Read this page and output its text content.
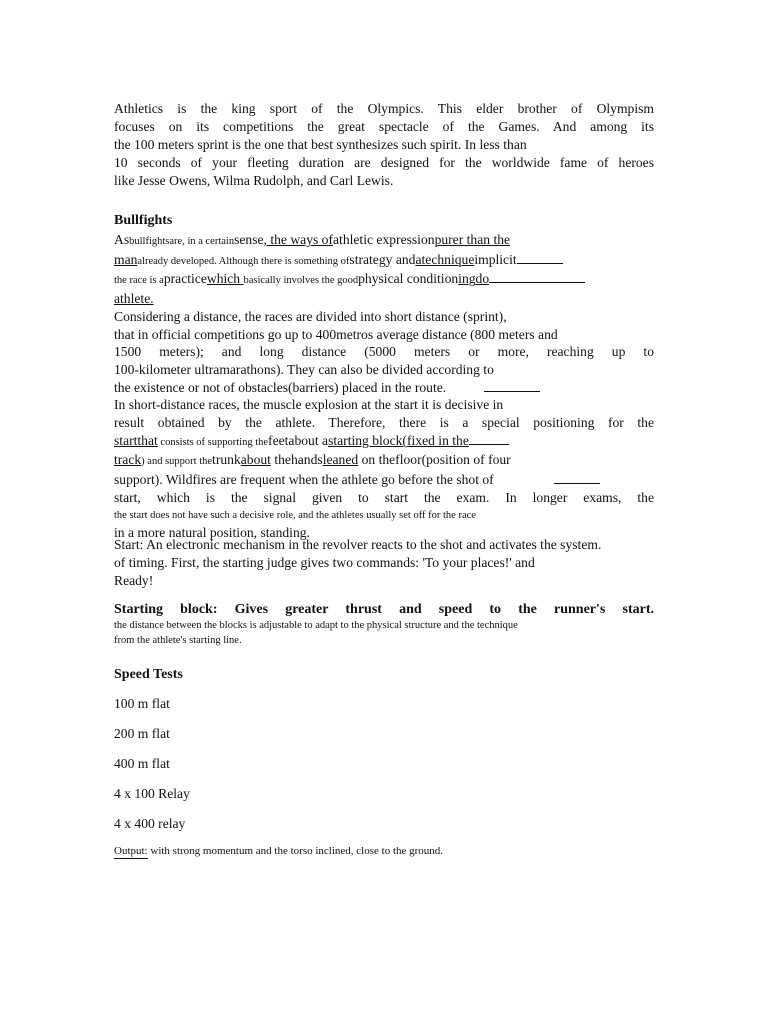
Athletics is the king sport of the Olympics. This elder brother of Olympism
focuses on its competitions the great spectacle of the Games. And among its
the 100 meters sprint is the one that best synthesizes such spirit. In less than
10 seconds of your fleeting duration are designed for the worldwide fame of heroes
like Jesse Owens, Wilma Rudolph, and Carl Lewis.
Bullfights
Asbullfightsare, in a certainsense, the ways ofathletic expressionpurer than the
manalready developed. Although there is something ofstrategy andatechniqueimplicit
the race is apracticewhich basically involves the goodphysical conditioningdo
athlete.
Considering a distance, the races are divided into short distance (sprint),
that in official competitions go up to 400metros average distance (800 meters and
1500 meters); and long distance (5000 meters or more, reaching up to
100-kilometer ultramarathons). They can also be divided according to
the existence or not of obstacles(barriers) placed in the route.
In short-distance races, the muscle explosion at the start it is decisive in
result obtained by the athlete. Therefore, there is a special positioning for the
startthat consists of supporting thefeetabout astarting block(fixed in the
track) and support thetrunkabout thehandsleaned on thefloor(position of four
support). Wildfires are frequent when the athlete go before the shot of
start, which is the signal given to start the exam. In longer exams, the
the start does not have such a decisive role, and the athletes usually set off for the race
in a more natural position, standing.
Start: An electronic mechanism in the revolver reacts to the shot and activates the system.
of timing. First, the starting judge gives two commands: 'To your places!' and
Ready!
Starting block: Gives greater thrust and speed to the runner's start.
the distance between the blocks is adjustable to adapt to the physical structure and the technique
from the athlete's starting line.
Speed Tests
100 m flat
200 m flat
400 m flat
4 x 100 Relay
4 x 400 relay
Output: with strong momentum and the torso inclined, close to the ground.
